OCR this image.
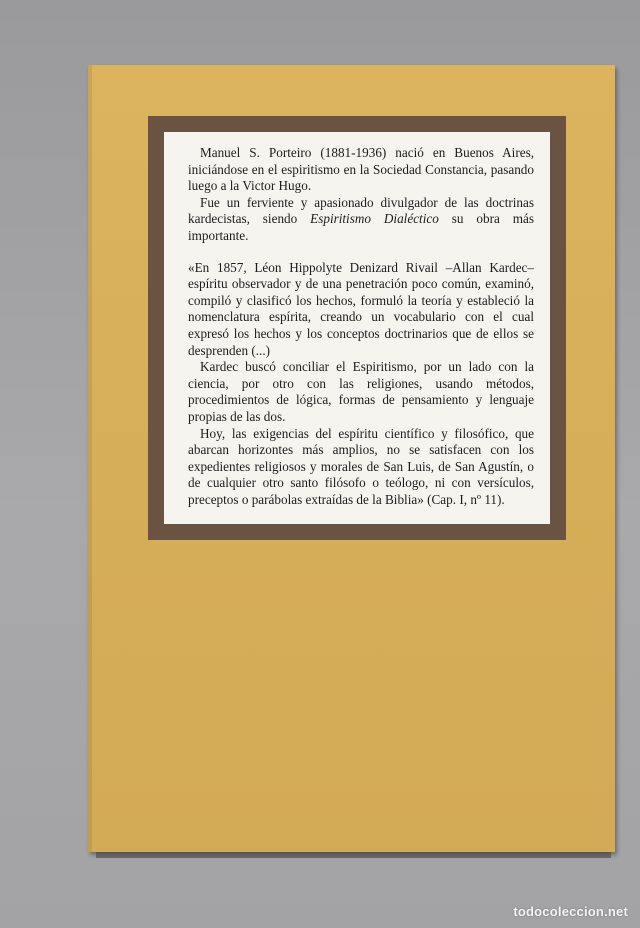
Manuel S. Porteiro (1881-1936) nació en Buenos Aires, iniciándose en el espiritismo en la Sociedad Constancia, pasando luego a la Victor Hugo.

Fue un ferviente y apasionado divulgador de las doctrinas kardecistas, siendo Espiritismo Dialéctico su obra más importante.

«En 1857, Léon Hippolyte Denizard Rivail –Allan Kardec– espíritu observador y de una penetración poco común, examinó, compiló y clasificó los hechos, formuló la teoría y estableció la nomenclatura espírita, creando un vocabulario con el cual expresó los hechos y los conceptos doctrinarios que de ellos se desprenden (...)

Kardec buscó conciliar el Espiritismo, por un lado con la ciencia, por otro con las religiones, usando métodos, procedimientos de lógica, formas de pensamiento y lenguaje propias de las dos.

Hoy, las exigencias del espíritu científico y filosófico, que abarcan horizontes más amplios, no se satisfacen con los expedientes religiosos y morales de San Luis, de San Agustín, o de cualquier otro santo filósofo o teólogo, ni con versículos, preceptos o parábolas extraídas de la Biblia» (Cap. I, nº 11).

todocoleccion.net
